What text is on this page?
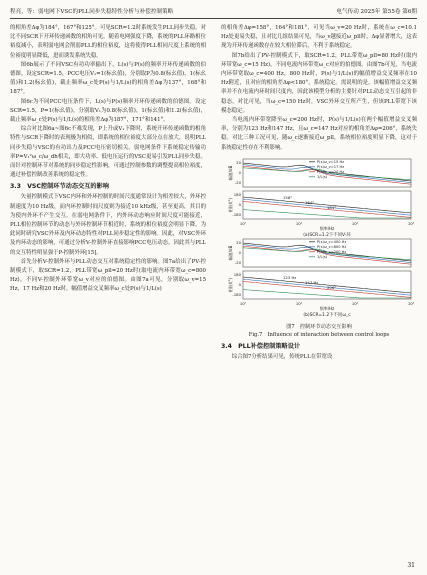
程亮，等：弱电网下VSC的PLL同步失稳特性分析与补偿控制策略	电气传动 2025年 第55卷 第6期

的相角差Δφ为184°，167°和125°。可见SCR=1.2时系统发生PLL同步失稳。对比不同SCR下开环传递函数的相角可见，随着电网强度下降，系统的PLL环路相位裕度减小，表明弱电网会削弱PLL的相位裕度，这将使得PLL相同尺度上系统的相位裕度明显降低，进而诱发系统失稳。

图6b展示了不同VSC有功功率输出下，L(s)与P(s)的频率开环传递函数的伯德图。设定SCR=1.5，PCC电压V₁=1(标幺值)，分别取P为0.8(标幺值)，1(标幺值)和1.2(标幺值)，截止频率ω_c处P(s)与1/L(s)的相角差Δφ为137°，168°和187°。

图6c为不同PCC电压条件下，L(s)与P(s)频率开环传递函数的伯德图。设定SCR=1.5，P=1(标幺值)，分别取V₁为0.8(标幺值)，1(标幺值)和1.2(标幺值)，截止频率ω_c处P(s)与1/L(s)的相角差Δφ为187°，171°和141°。

综合对比图6a~图6c不难发现，P上升或V₁下降时，系统开环传递函数的相角特性与SCR下降时的表现极为相似，即系统的相位裕度大部分点在放大，说明PLL同步失稳与VSC的有功出力及PCC电压密切相关。弱电网条件下系统稳定传输功率P=V₁²ω_c/ω_dh相关，即大功率、低电压运行的VSC更易引发PLL同步失稳。而针对控制环节对系统的同步稳定性影响，可通过控制参数的调整提高相位裕度，通过补偿控制改善系统的稳定性。

3.3　VSC控制环节动态交互的影响

矢量控制模式下VSC内环和外环控制的时间尺度通常设计为相差较大，外环控制速度为10 Hz级，而内环控制时间尺度则为接近10 kHz级，甚至更高，其目的为使内外环不产生交互。在弱电网条件下，内外环动态响应时间尺度可能接近，PLL相位控制环节的动态与外环控制环节相近时，系统的相位裕度会明显下降，为此同时研究VSC外环及内环动态特性对PLL同步稳定性的影响。因此，对VSC外环及内环动态的影响，可通过分析V-控制外环直接影响PCC电压动态，因此其与PLL的交互特性明显强于P-控制外环[15]。

首先分析V-控制外环与PLL动态交互对系统稳定性的影响。图7a给出了PV-控制模式下，取SCR=1.2，PLL带宽ω_pll=20 Hz时(取电流内环带宽ω_c=800 Hz)，不同V-控制外环带宽ω_v对应的伯德图。由图7a可见，分别取ω_v=15 Hz，17 Hz和20 Hz时，幅值增益交叉频率ω_c处P(s)与1/L(s)

的相角差Δφ=158°，164°和181°，可见当ω_v=20 Hz时，系统在ω_c=10.1 Hz处更易失稳，且对比几组结果可见，当ω_v越接近ω_pll时，Δφ显著增大，这表现为开环传递函数存在较大相位滞后，不利于系统稳定。

图7b给出了PV-控制模式下，取SCR=1.2，PLL带宽ω_pll=80 Hz时(取内环带宽ω_c=15 Hz)，不同电流内环带宽ω_c对应的伯德图。由图7b可见，当电流内环带宽取ω_c=400 Hz，800 Hz时，P(s)与1/L(s)的幅值增益交叉频率在10 Hz附近，且对应的相角差Δφ<180°，系统稳定。需说明的是，该幅值增益交叉频率并不在电流内环时间尺度内，因此该模型分析的主要针对PLL动态交互引起的非稳态。对比可见，当ω_c=150 Hz时，VSC外环交互所产生，但该PLL带宽下该模态稳定。

当电流内环带宽降至ω_c=200 Hz时，P(s)与1/L(s)在两个幅值增益交叉频率，分别为123 Hz和147 Hz，且ω_c=147 Hz对应的相角差Δφ=206°，系统失稳。对比三种工况可见，随ω_c逐渐接近ω_pll，系统相位裕度明显下降，这对于系统稳定性存在不利影响。

20
0
-20
180
0
-180
幅值/dB
相位/(°)
10⁰	10¹	10²	10³
频率/Hz
P(s)ω_v=15 Hz
P(s)ω_v=17 Hz
P(s)ω_v=20 Hz
1/L(s)
158°
164°
181°
(a)SCR=1.2下不同V-环
20
0
-20
180
0
-180
幅值/dB
相位/(°)
10⁰	10¹	10²	10³
频率/Hz
P(s)ω_c=400 Hz
P(s)ω_c=800 Hz
P(s)ω_c=200 Hz
1/L(s)
123 Hz
147 Hz
206°
(b)SCR=1.2下不同ω_c
图7　控制环节动态交互影响
Fig.7　Influence of interaction between control loops
3.4　PLL补偿控制策略设计

综合图7分析结果可见，传统PLL在带宽设

31
